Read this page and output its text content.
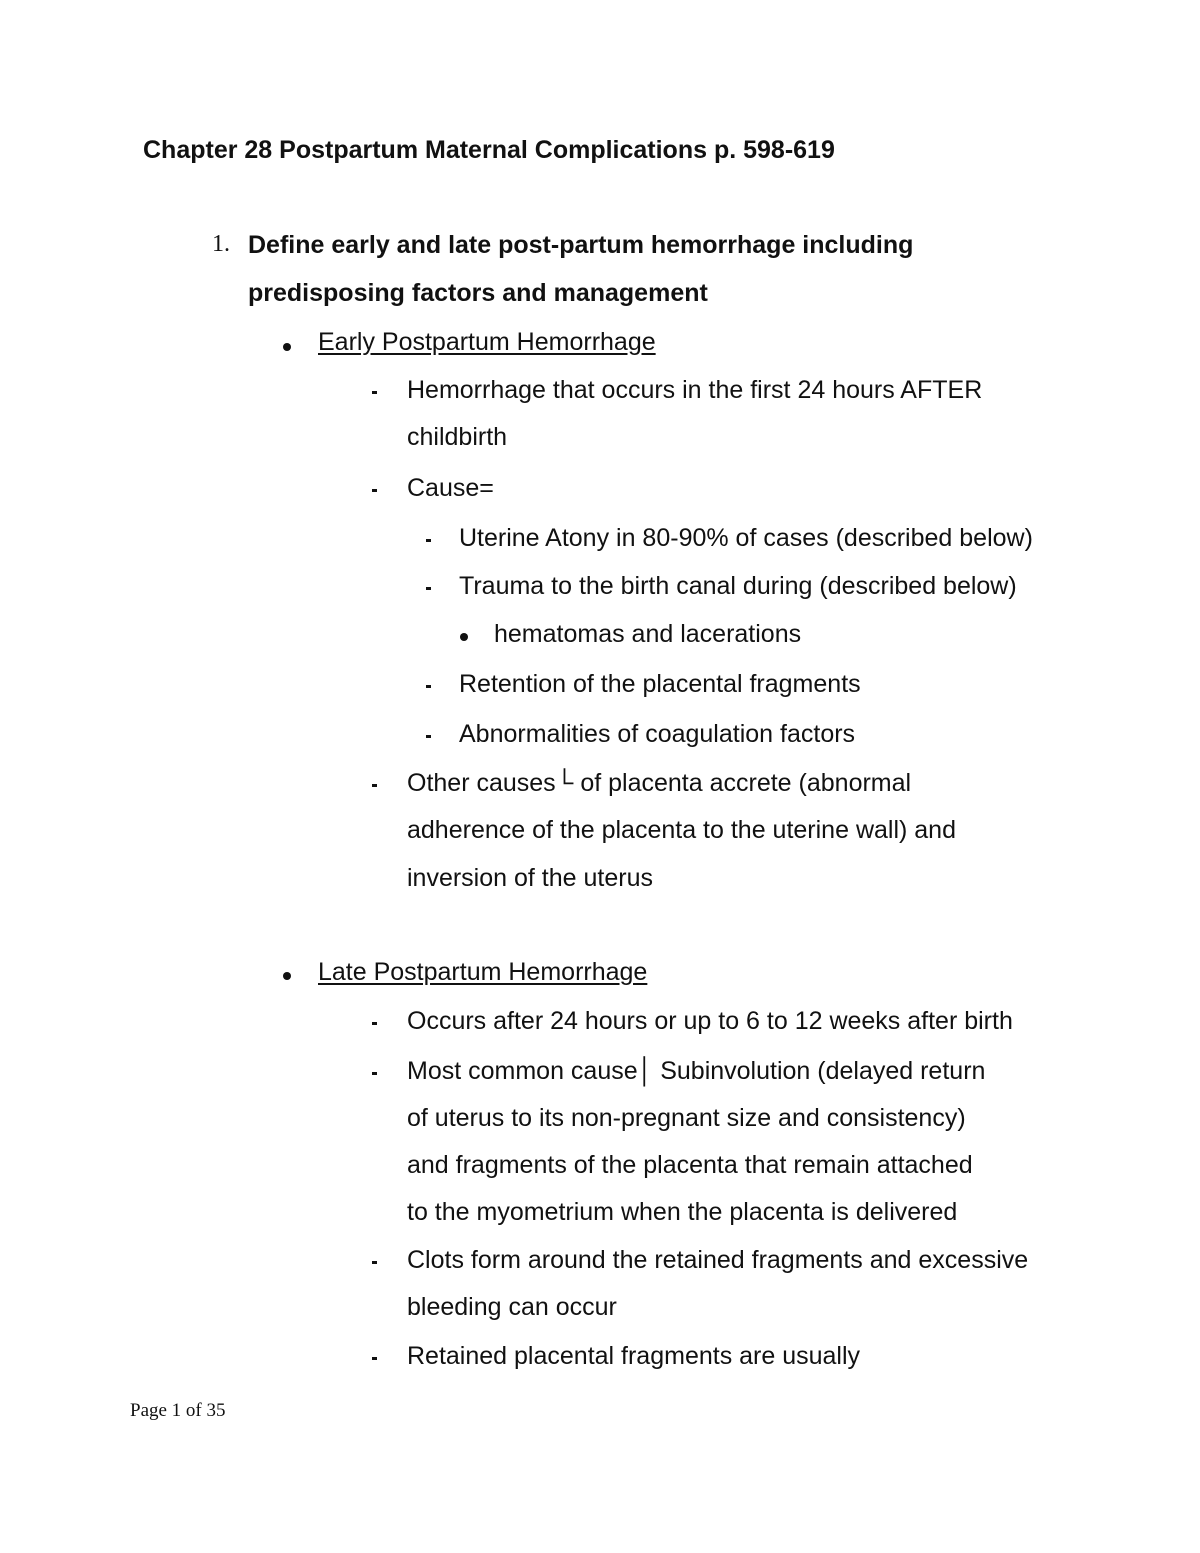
Chapter 28 Postpartum Maternal Complications p. 598-619
1. Define early and late post-partum hemorrhage including
predisposing factors and management
Early Postpartum Hemorrhage
Hemorrhage that occurs in the first 24 hours AFTER
childbirth
Cause=
Uterine Atony in 80-90% of cases (described below)
Trauma to the birth canal during (described below)
hematomas and lacerations
Retention of the placental fragments
Abnormalities of coagulation factors
Other causes└ of placenta accrete (abnormal
adherence of the placenta to the uterine wall) and
inversion of the uterus
Late Postpartum Hemorrhage
Occurs after 24 hours or up to 6 to 12 weeks after birth
Most common cause│ Subinvolution (delayed return
of uterus to its non-pregnant size and consistency)
and fragments of the placenta that remain attached
to the myometrium when the placenta is delivered
Clots form around the retained fragments and excessive
bleeding can occur
Retained placental fragments are usually
Page 1 of 35
